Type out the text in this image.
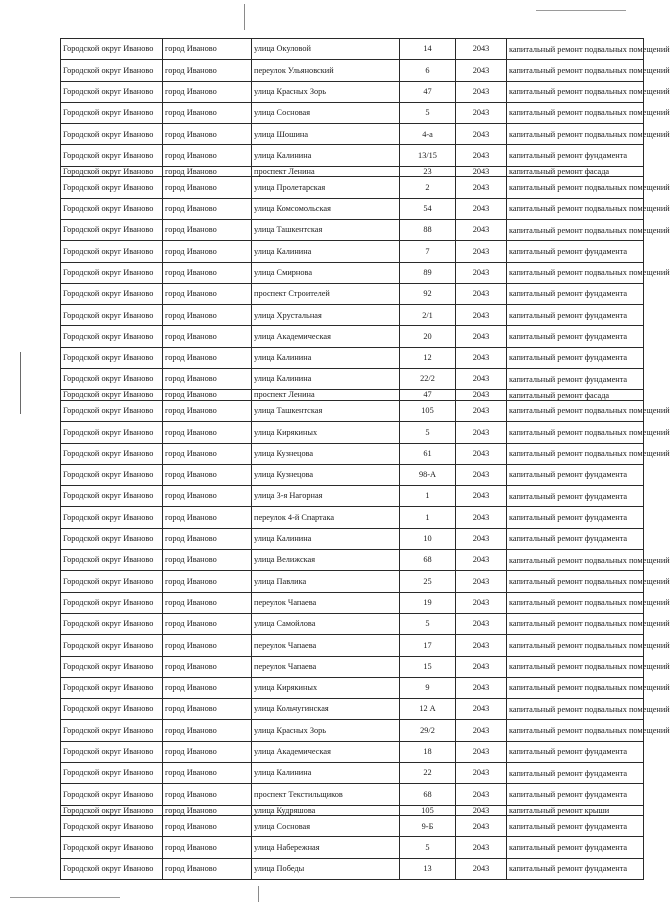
Городской округ Иваново	город Иваново	улица Окуловой	14	2043	капитальный ремонт подвальных помещений
Городской округ Иваново	город Иваново	переулок Ульяновский	6	2043	капитальный ремонт подвальных помещений
Городской округ Иваново	город Иваново	улица Красных Зорь	47	2043	капитальный ремонт подвальных помещений
Городской округ Иваново	город Иваново	улица Сосновая	5	2043	капитальный ремонт подвальных помещений
Городской округ Иваново	город Иваново	улица Шошина	4-а	2043	капитальный ремонт подвальных помещений
Городской округ Иваново	город Иваново	улица Калинина	13/15	2043	капитальный ремонт фундамента
Городской округ Иваново	город Иваново	проспект Ленина	23	2043	капитальный ремонт фасада
Городской округ Иваново	город Иваново	улица Пролетарская	2	2043	капитальный ремонт подвальных помещений
Городской округ Иваново	город Иваново	улица Комсомольская	54	2043	капитальный ремонт подвальных помещений
Городской округ Иваново	город Иваново	улица Ташкентская	88	2043	капитальный ремонт подвальных помещений
Городской округ Иваново	город Иваново	улица Калинина	7	2043	капитальный ремонт фундамента
Городской округ Иваново	город Иваново	улица Смирнова	89	2043	капитальный ремонт подвальных помещений
Городской округ Иваново	город Иваново	проспект Строителей	92	2043	капитальный ремонт фундамента
Городской округ Иваново	город Иваново	улица Хрустальная	2/1	2043	капитальный ремонт фундамента
Городской округ Иваново	город Иваново	улица Академическая	20	2043	капитальный ремонт фундамента
Городской округ Иваново	город Иваново	улица Калинина	12	2043	капитальный ремонт фундамента
Городской округ Иваново	город Иваново	улица Калинина	22/2	2043	капитальный ремонт фундамента
Городской округ Иваново	город Иваново	проспект Ленина	47	2043	капитальный ремонт фасада
Городской округ Иваново	город Иваново	улица Ташкентская	105	2043	капитальный ремонт подвальных помещений
Городской округ Иваново	город Иваново	улица Кирякиных	5	2043	капитальный ремонт подвальных помещений
Городской округ Иваново	город Иваново	улица Кузнецова	61	2043	капитальный ремонт подвальных помещений
Городской округ Иваново	город Иваново	улица Кузнецова	98-А	2043	капитальный ремонт фундамента
Городской округ Иваново	город Иваново	улица 3-я Нагорная	1	2043	капитальный ремонт фундамента
Городской округ Иваново	город Иваново	переулок 4-й Спартака	1	2043	капитальный ремонт фундамента
Городской округ Иваново	город Иваново	улица Калинина	10	2043	капитальный ремонт фундамента
Городской округ Иваново	город Иваново	улица Велижская	68	2043	капитальный ремонт подвальных помещений
Городской округ Иваново	город Иваново	улица Павлика	25	2043	капитальный ремонт подвальных помещений
Городской округ Иваново	город Иваново	переулок Чапаева	19	2043	капитальный ремонт подвальных помещений
Городской округ Иваново	город Иваново	улица Самойлова	5	2043	капитальный ремонт подвальных помещений
Городской округ Иваново	город Иваново	переулок Чапаева	17	2043	капитальный ремонт подвальных помещений
Городской округ Иваново	город Иваново	переулок Чапаева	15	2043	капитальный ремонт подвальных помещений
Городской округ Иваново	город Иваново	улица Кирякиных	9	2043	капитальный ремонт подвальных помещений
Городской округ Иваново	город Иваново	улица Кольчугинская	12 А	2043	капитальный ремонт подвальных помещений
Городской округ Иваново	город Иваново	улица Красных Зорь	29/2	2043	капитальный ремонт подвальных помещений
Городской округ Иваново	город Иваново	улица Академическая	18	2043	капитальный ремонт фундамента
Городской округ Иваново	город Иваново	улица Калинина	22	2043	капитальный ремонт фундамента
Городской округ Иваново	город Иваново	проспект Текстильщиков	68	2043	капитальный ремонт фундамента
Городской округ Иваново	город Иваново	улица Кудряшова	105	2043	капитальный ремонт крыши
Городской округ Иваново	город Иваново	улица Сосновая	9-Б	2043	капитальный ремонт фундамента
Городской округ Иваново	город Иваново	улица Набережная	5	2043	капитальный ремонт фундамента
Городской округ Иваново	город Иваново	улица Победы	13	2043	капитальный ремонт фундамента
